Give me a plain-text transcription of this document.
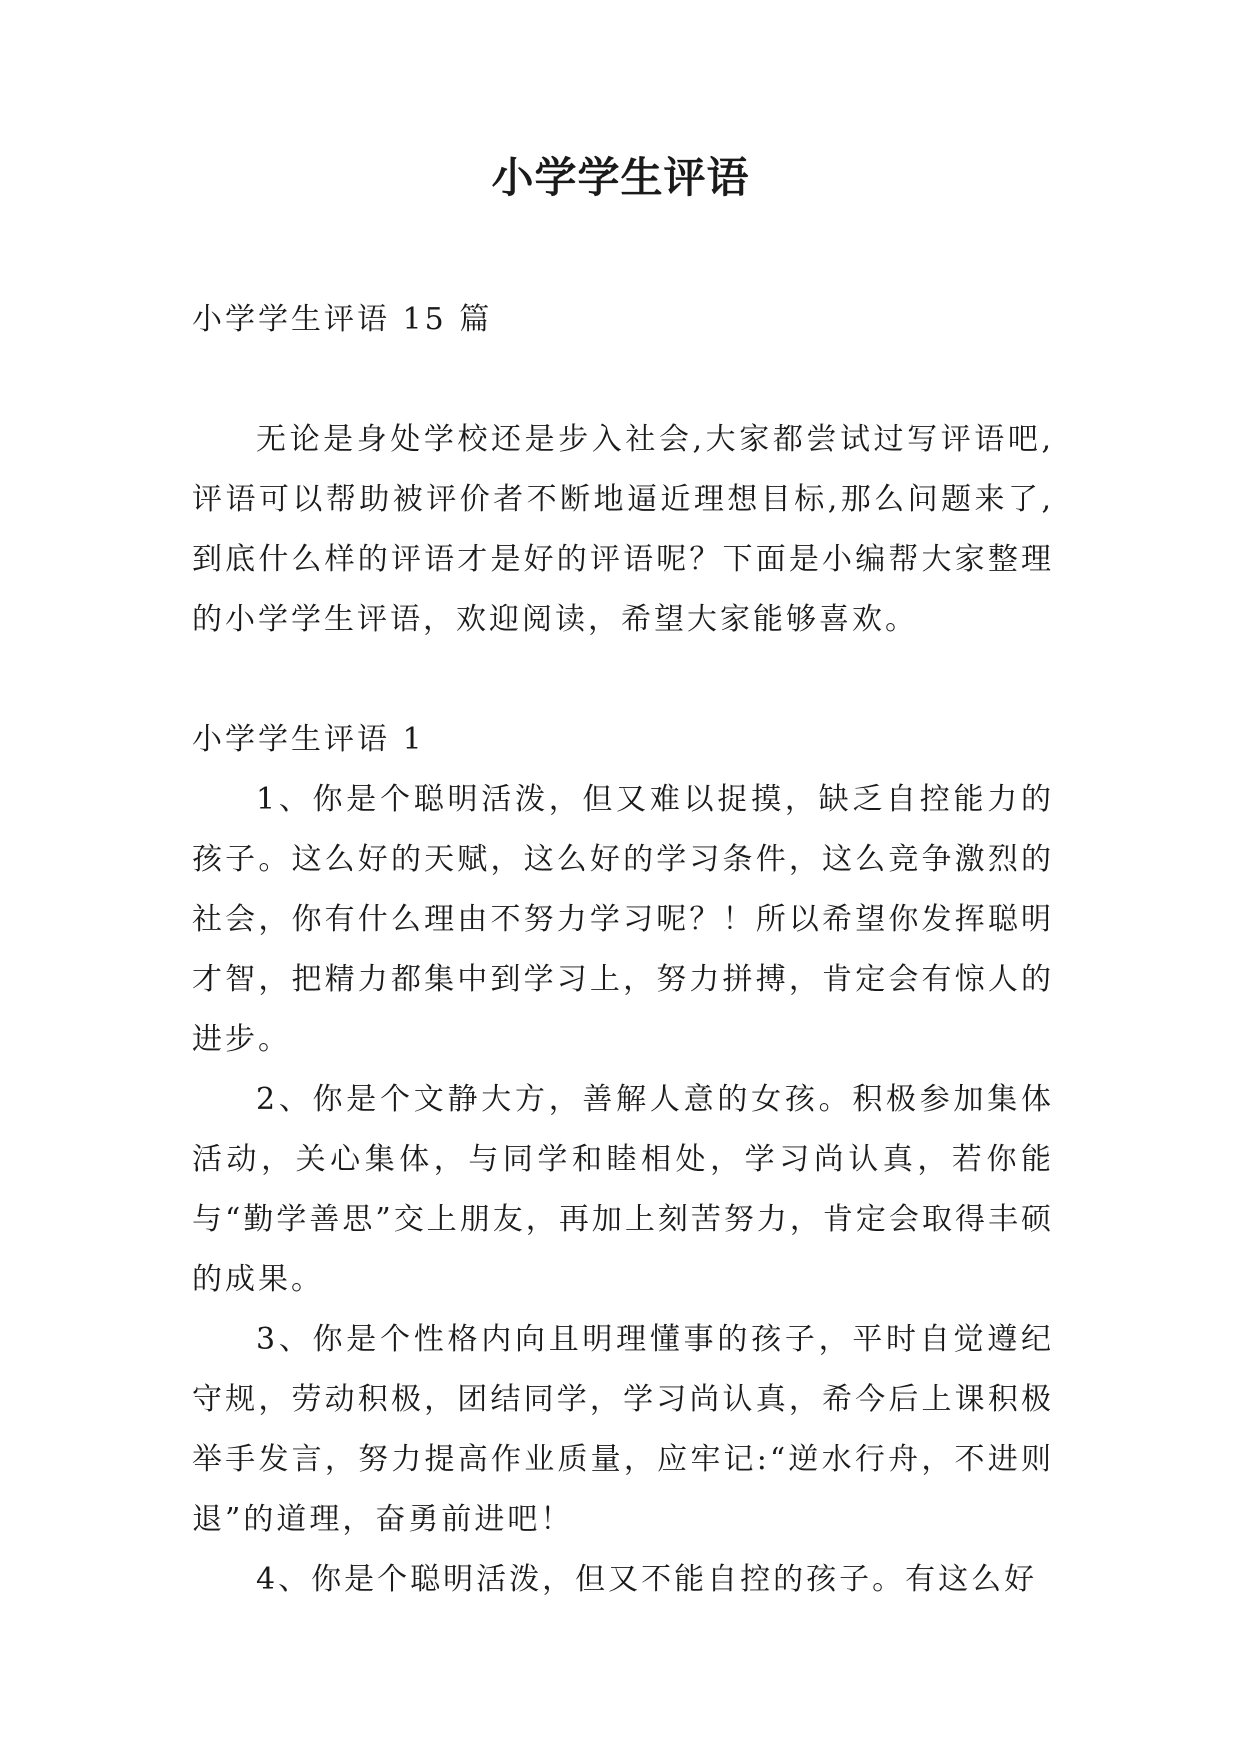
小学学生评语

小学学生评语 15 篇

无论是身处学校还是步入社会,大家都尝试过写评语吧,评语可以帮助被评价者不断地逼近理想目标,那么问题来了,到底什么样的评语才是好的评语呢？下面是小编帮大家整理的小学学生评语，欢迎阅读，希望大家能够喜欢。

小学学生评语 1

1、你是个聪明活泼，但又难以捉摸，缺乏自控能力的孩子。这么好的天赋，这么好的学习条件，这么竞争激烈的社会，你有什么理由不努力学习呢？！所以希望你发挥聪明才智，把精力都集中到学习上，努力拼搏，肯定会有惊人的进步。

2、你是个文静大方，善解人意的女孩。积极参加集体活动，关心集体，与同学和睦相处，学习尚认真，若你能与“勤学善思”交上朋友，再加上刻苦努力，肯定会取得丰硕的成果。

3、你是个性格内向且明理懂事的孩子，平时自觉遵纪守规，劳动积极，团结同学，学习尚认真，希今后上课积极举手发言，努力提高作业质量，应牢记:“逆水行舟，不进则退”的道理，奋勇前进吧！

4、你是个聪明活泼，但又不能自控的孩子。有这么好
